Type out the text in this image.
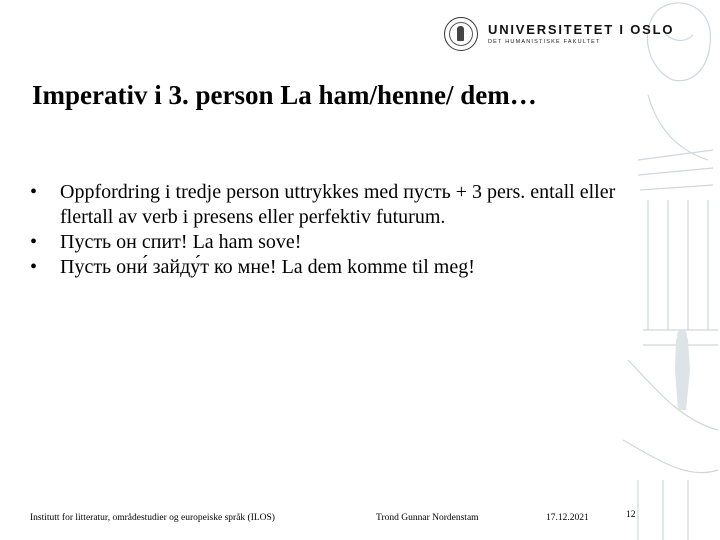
UNIVERSITETET I OSLO
DET HUMANISTISKE FAKULTET
Imperativ i 3. person La ham/henne/ dem…
• Oppfordring i tredje person uttrykkes med пусть + 3 pers. entall eller flertall av verb i presens eller perfektiv futurum.
• Пусть он спит! La ham sove!
• Пусть они́ зайду́т ко мне! La dem komme til meg!
Institutt for litteratur, områdestudier og europeiske språk (ILOS)	Trond Gunnar Nordenstam	17.12.2021	12
